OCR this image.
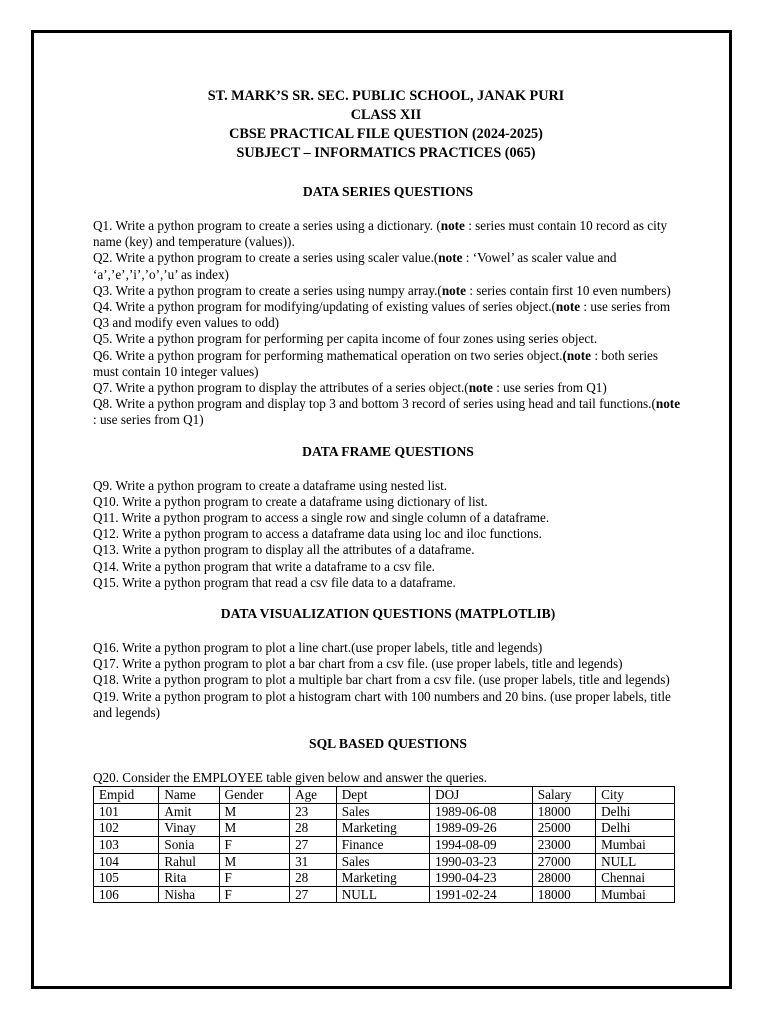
ST. MARK’S SR. SEC. PUBLIC SCHOOL, JANAK PURI
CLASS XII
CBSE PRACTICAL FILE QUESTION (2024-2025)
SUBJECT – INFORMATICS PRACTICES (065)
DATA SERIES QUESTIONS
Q1. Write a python program to create a series using a dictionary. (note : series must contain 10 record as city name (key) and temperature (values)).
Q2. Write a python program to create a series using scaler value.(note : ‘Vowel’ as scaler value and ‘a’,’e’,’i’,’o’,’u’ as index)
Q3. Write a python program to create a series using numpy array.(note : series contain first 10 even numbers)
Q4. Write a python program for modifying/updating of existing values of series object.(note : use series from Q3 and modify even values to odd)
Q5. Write a python program for performing per capita income of four zones using series object.
Q6. Write a python program for performing mathematical operation on two series object.(note : both series must contain 10 integer values)
Q7. Write a python program to display the attributes of a series object.(note : use series from Q1)
Q8. Write a python program and display top 3 and bottom 3 record of series using head and tail functions.(note : use series from Q1)
DATA FRAME QUESTIONS
Q9. Write a python program to create a dataframe using nested list.
Q10. Write a python program to create a dataframe using dictionary of list.
Q11. Write a python program to access a single row and single column of a dataframe.
Q12. Write a python program to access a dataframe data using loc and iloc functions.
Q13. Write a python program to display all the attributes of a dataframe.
Q14. Write a python program that write a dataframe to a csv file.
Q15. Write a python program that read a csv file data to a dataframe.
DATA VISUALIZATION QUESTIONS (MATPLOTLIB)
Q16. Write a python program to plot a line chart.(use proper labels, title and legends)
Q17. Write a python program to plot a bar chart from a csv file. (use proper labels, title and legends)
Q18. Write a python program to plot a multiple bar chart from a csv file. (use proper labels, title and legends)
Q19. Write a python program to plot a histogram chart with 100 numbers and 20 bins. (use proper labels, title and legends)
SQL BASED QUESTIONS
Q20. Consider the EMPLOYEE table given below and answer the queries.
Empid	Name	Gender	Age	Dept	DOJ	Salary	City
101	Amit	M	23	Sales	1989-06-08	18000	Delhi
102	Vinay	M	28	Marketing	1989-09-26	25000	Delhi
103	Sonia	F	27	Finance	1994-08-09	23000	Mumbai
104	Rahul	M	31	Sales	1990-03-23	27000	NULL
105	Rita	F	28	Marketing	1990-04-23	28000	Chennai
106	Nisha	F	27	NULL	1991-02-24	18000	Mumbai
